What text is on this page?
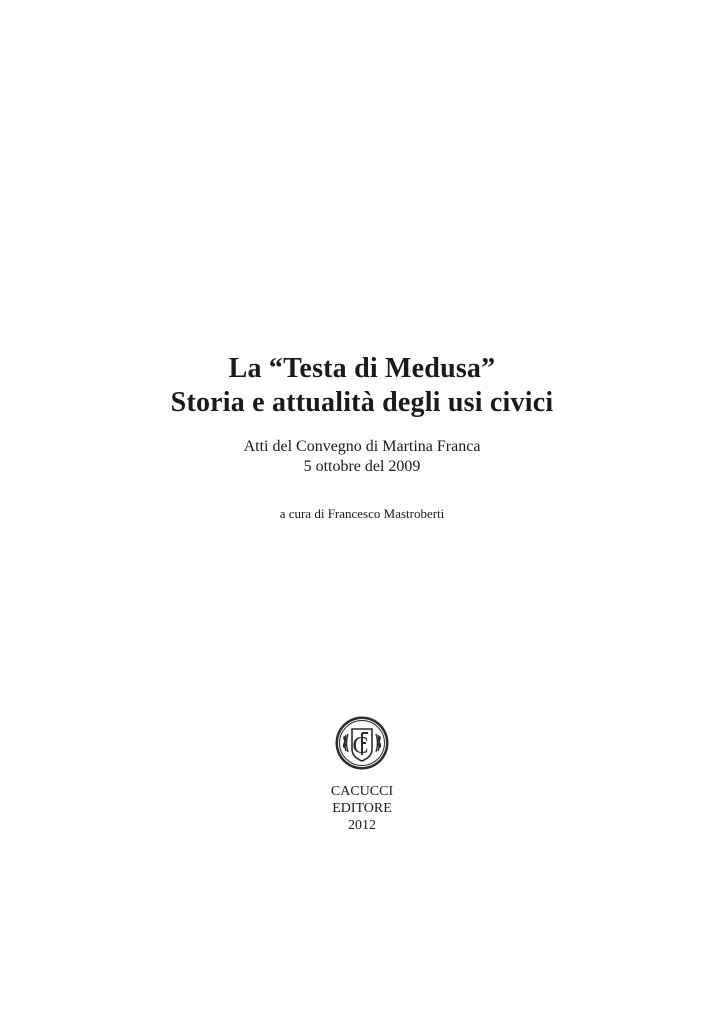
La “Testa di Medusa”
Storia e attualità degli usi civici
Atti del Convegno di Martina Franca
5 ottobre del 2009
a cura di Francesco Mastroberti
C
CACUCCI
EDITORE
2012
